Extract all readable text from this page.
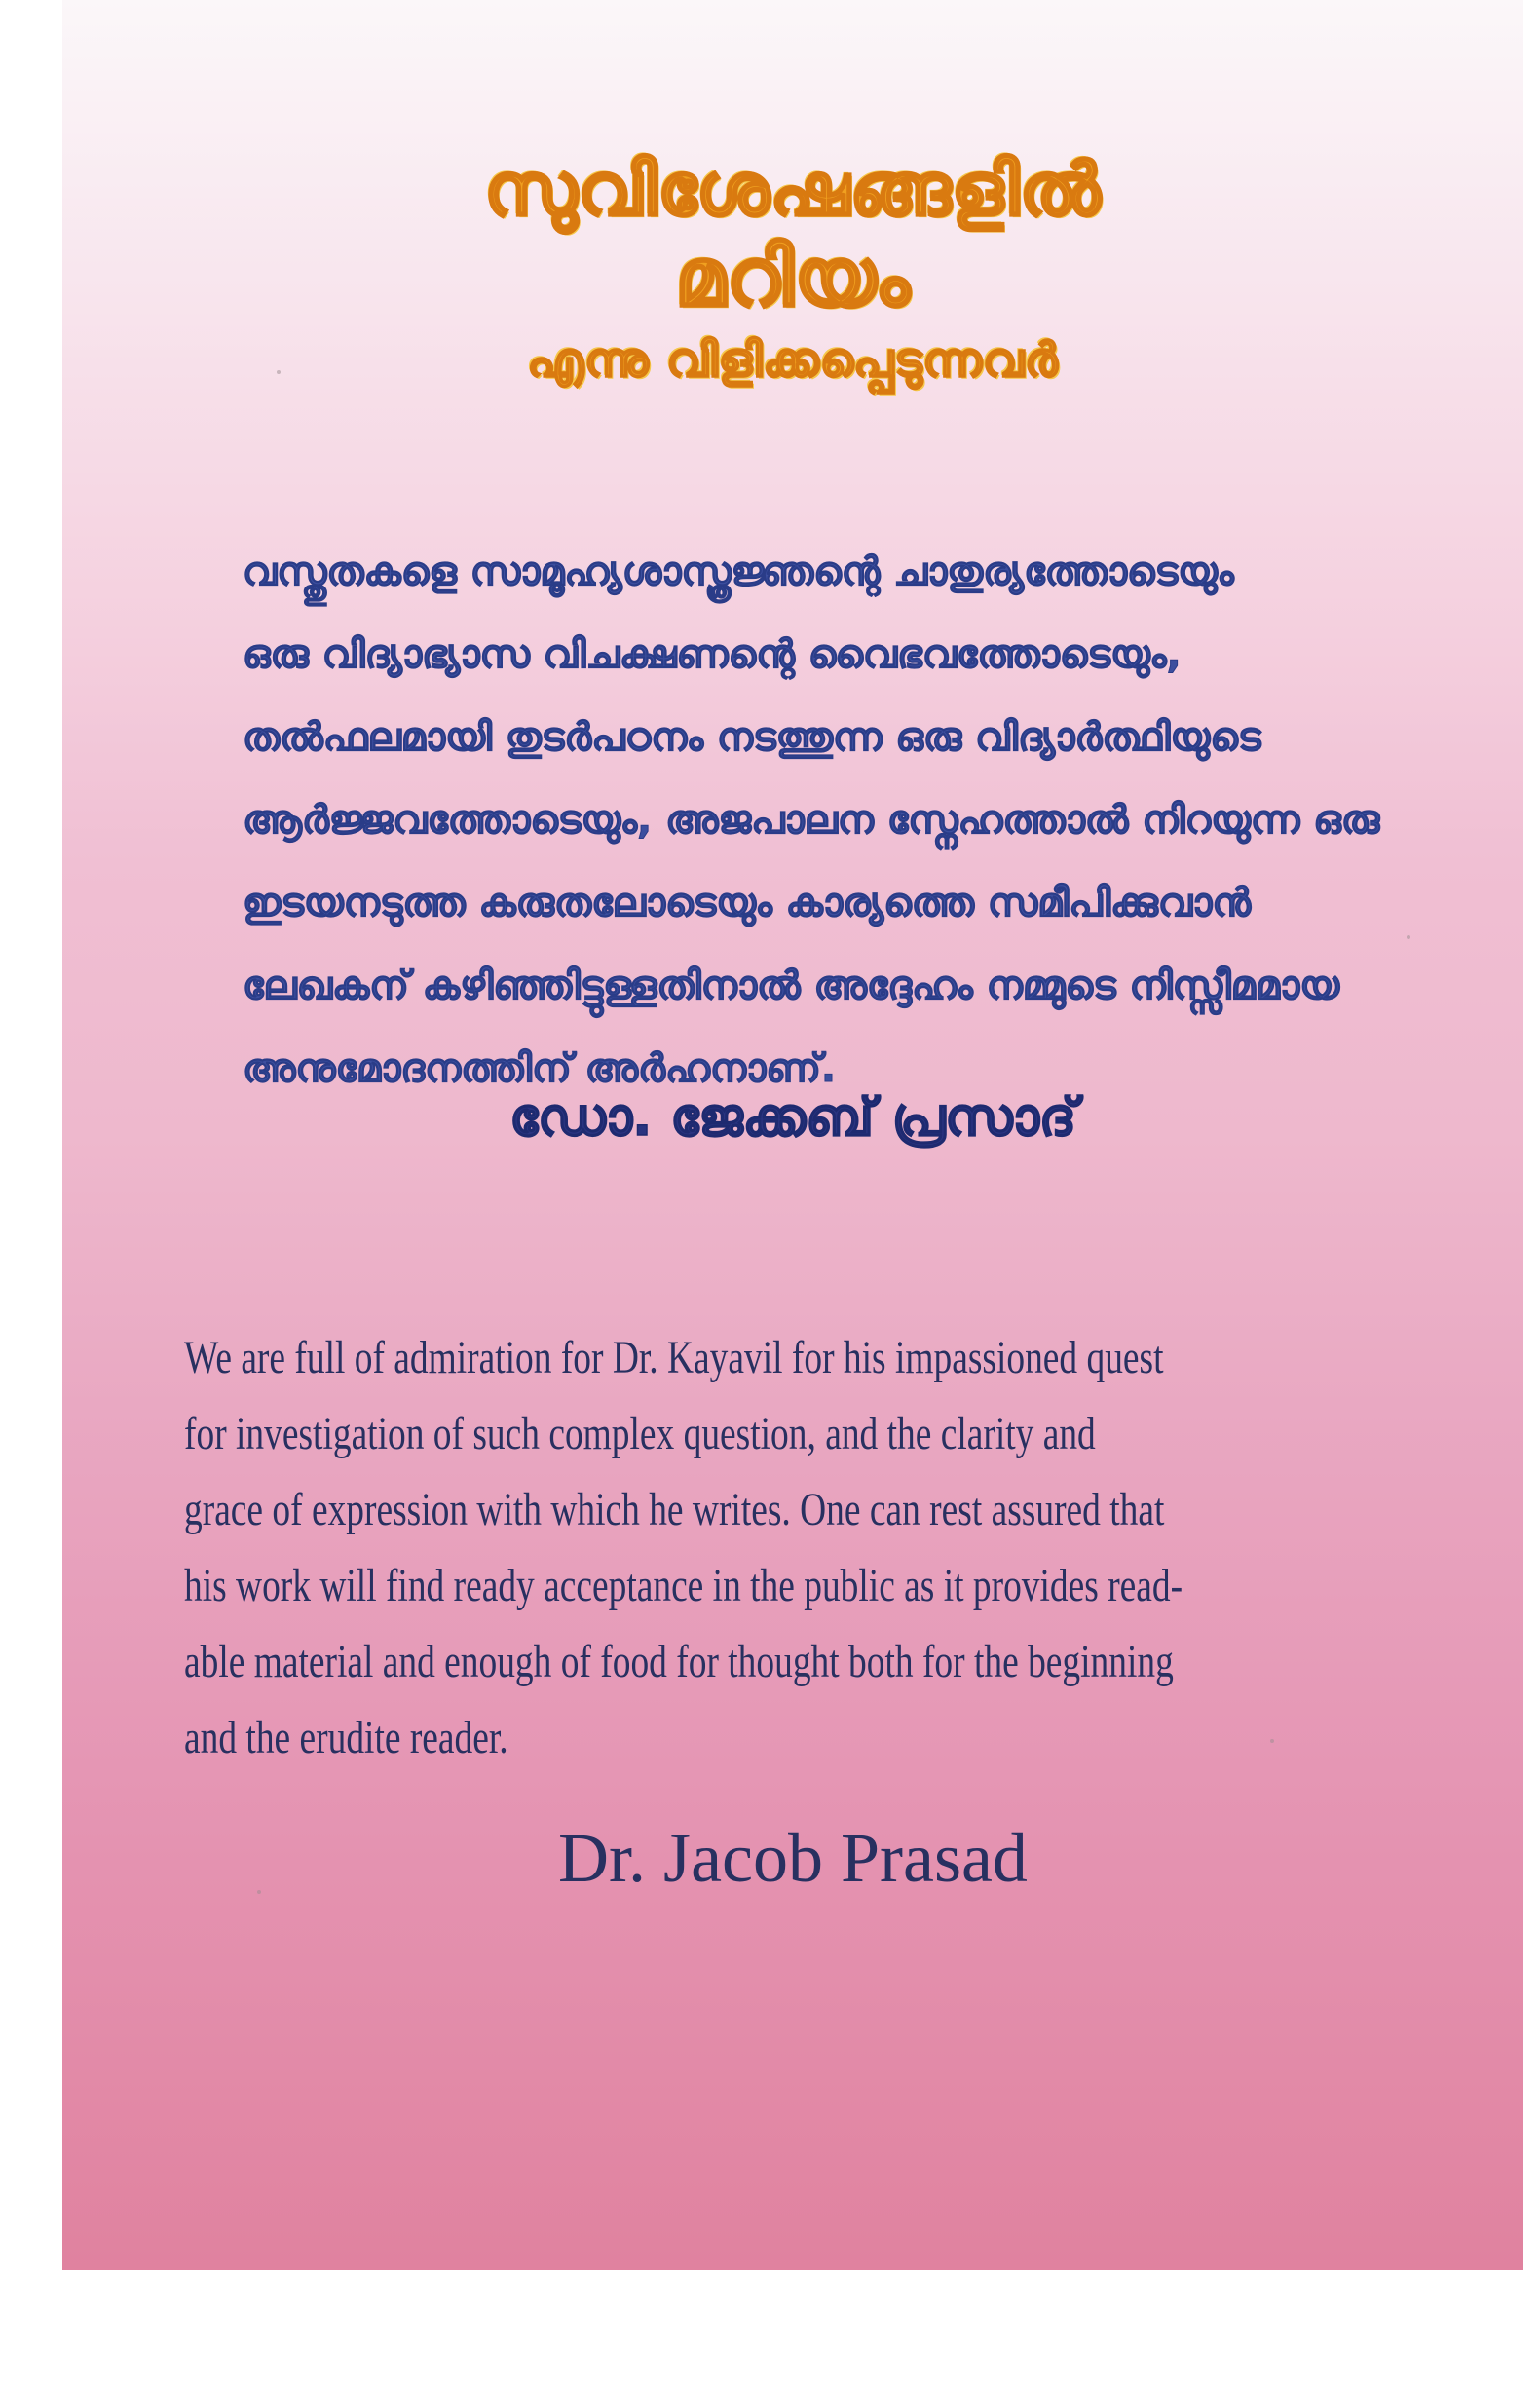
സുവിശേഷങ്ങളിൽ
മറിയം
എന്നു വിളിക്കപ്പെടുന്നവർ
വസ്തുതകളെ സാമൂഹ്യശാസ്ത്രജ്ഞന്റെ ചാതുര്യത്തോടെയും
ഒരു വിദ്യാഭ്യാസ വിചക്ഷണന്റെ വൈഭവത്തോടെയും,
തൽഫലമായി തുടർപഠനം നടത്തുന്ന ഒരു വിദ്യാർത്ഥിയുടെ
ആർജ്ജവത്തോടെയും, അജപാലന സ്നേഹത്താൽ നിറയുന്ന ഒരു
ഇടയനടുത്ത കരുതലോടെയും കാര്യത്തെ സമീപിക്കുവാൻ
ലേഖകന് കഴിഞ്ഞിട്ടുള്ളതിനാൽ അദ്ദേഹം നമ്മുടെ നിസ്സീമമായ
അനുമോദനത്തിന് അർഹനാണ്.
ഡോ. ജേക്കബ് പ്രസാദ്
We are full of admiration for Dr. Kayavil for his impassioned quest
for investigation of such complex question, and the clarity and
grace of expression with which he writes. One can rest assured that
his work will find ready acceptance in the public as it provides read-
able material and enough of food for thought both for the beginning
and the erudite reader.
Dr. Jacob Prasad
